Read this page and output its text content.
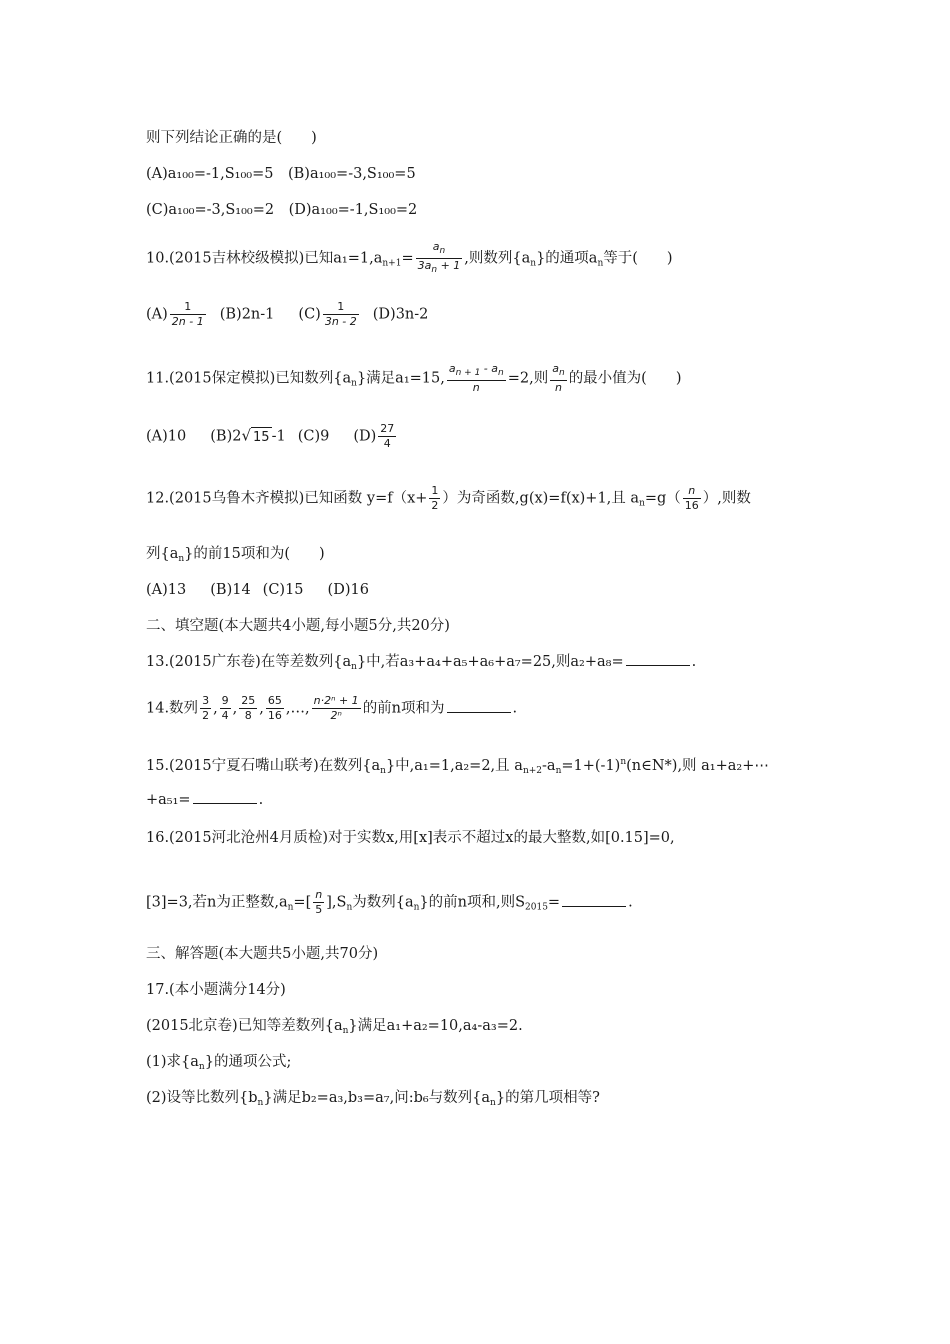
则下列结论正确的是(　　)
(A)a₁₀₀=-1,S₁₀₀=5　(B)a₁₀₀=-3,S₁₀₀=5
(C)a₁₀₀=-3,S₁₀₀=2　(D)a₁₀₀=-1,S₁₀₀=2
10.(2015吉林校级模拟)已知$a_1=1,a_{n+1}= \frac{a_n}{3a_n + 1}$ ,则数列$\{a_n\}$的通项$a_n$等于(　　)
$(A) \frac{1}{2n - 1} (B)2n-1$ $(C) \frac{1}{3n - 2} (D)3n-2$
11.(2015保定模拟)已知数列$\{a_n\}$满足a₁=15, $\frac{a_{n + 1} - a_n}{n} =2$,则 $\frac{a_n}{n}$ 的最小值为(　　)
(A)10 (B)2√ 15 -1 (C)9 $(D) \frac{27}{4}$
12.(2015乌鲁木齐模拟)已知函数 $y=f(x+ \frac{1}{2}$ ）为奇函数,g(x)=f(x)+1,且 $a_n=g( \frac{n}{16}$ ）,则数
列$\{a_n\}$的前15项和为(　　)
(A)13 (B)14 (C)15 (D)16
二、填空题(本大题共4小题,每小题5分,共20分)
13.(2015广东卷)在等差数列$\{a_n\}$中,若a₃+a₄+a₅+a₆+a₇=25,则a₂+a₈=	.
14.数列 $\frac{3}{2}$ , $\frac{9}{4}$ , $\frac{25}{8}$ , $\frac{65}{16}$ ,…, $\frac{\text{n·2ⁿ + 1}}{\text{2ⁿ}}$ 的前n项和为	.
15.(2015宁夏石嘴山联考)在数列$\{a_n\}$中,a₁=1,a₂=2,且 $a_{n+2}-a_n=1+(-1)^n(n\in N*)$,则 a₁+a₂+⋯
+a₅₁=	.
16.(2015河北沧州4月质检)对于实数x,用[x]表示不超过x的最大整数,如[0.15]=0,
[3]=3,若n为正整数$,a_n=[ \frac{n}{5} ],S_n$为数列$\{a_n\}$的前n项和,则$S_{2015}=$	.
三、解答题(本大题共5小题,共70分)
17.(本小题满分14分)
(2015北京卷)已知等差数列$\{a_n\}$满足a₁+a₂=10,a₄-a₃=2.
(1)求$\{a_n\}$的通项公式;
(2)设等比数列$\{b_n\}$满足b₂=a₃,b₃=a₇,问:b₆与数列$\{a_n\}$的第几项相等?
